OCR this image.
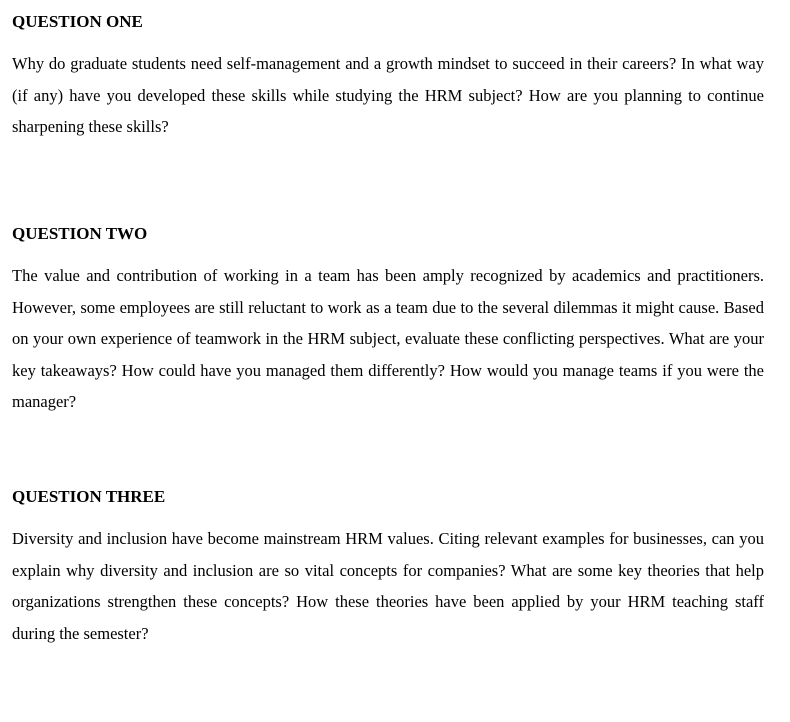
QUESTION ONE

Why do graduate students need self-management and a growth mindset to succeed in their careers? In what way (if any) have you developed these skills while studying the HRM subject? How are you planning to continue sharpening these skills?

QUESTION TWO

The value and contribution of working in a team has been amply recognized by academics and practitioners. However, some employees are still reluctant to work as a team due to the several dilemmas it might cause. Based on your own experience of teamwork in the HRM subject, evaluate these conflicting perspectives. What are your key takeaways? How could have you managed them differently? How would you manage teams if you were the manager?

QUESTION THREE

Diversity and inclusion have become mainstream HRM values. Citing relevant examples for businesses, can you explain why diversity and inclusion are so vital concepts for companies? What are some key theories that help organizations strengthen these concepts? How these theories have been applied by your HRM teaching staff during the semester?
